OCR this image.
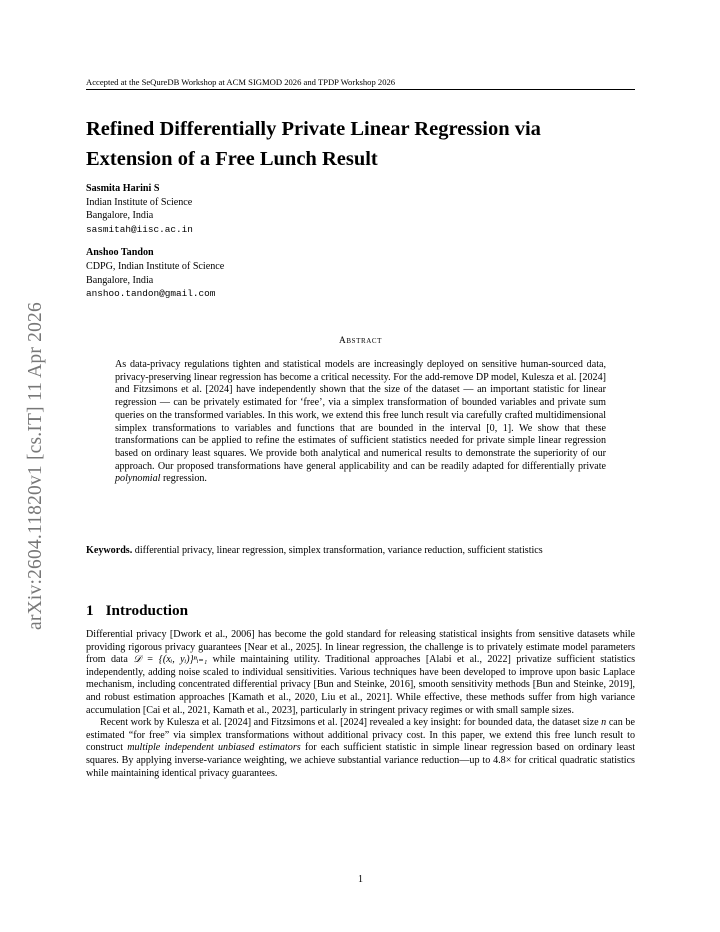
Accepted at the SeQureDB Workshop at ACM SIGMOD 2026 and TPDP Workshop 2026
arXiv:2604.11820v1 [cs.IT] 11 Apr 2026
Refined Differentially Private Linear Regression via
Extension of a Free Lunch Result
Sasmita Harini S
Indian Institute of Science
Bangalore, India
sasmitah@iisc.ac.in
Anshoo Tandon
CDPG, Indian Institute of Science
Bangalore, India
anshoo.tandon@gmail.com
Abstract
As data-privacy regulations tighten and statistical models are increasingly deployed on sensitive human-sourced data, privacy-preserving linear regression has become a critical necessity. For the add-remove DP model, Kulesza et al. [2024] and Fitzsimons et al. [2024] have independently shown that the size of the dataset — an important statistic for linear regression — can be privately estimated for ‘free’, via a simplex transformation of bounded variables and private sum queries on the transformed variables. In this work, we extend this free lunch result via carefully crafted multidimensional simplex transformations to variables and functions that are bounded in the interval [0, 1]. We show that these transformations can be applied to refine the estimates of sufficient statistics needed for private simple linear regression based on ordinary least squares. We provide both analytical and numerical results to demonstrate the superiority of our approach. Our proposed transformations have general applicability and can be readily adapted for differentially private polynomial regression.
Keywords. differential privacy, linear regression, simplex transformation, variance reduction, sufficient statistics
1 Introduction

Differential privacy [Dwork et al., 2006] has become the gold standard for releasing statistical insights from sensitive datasets while providing rigorous privacy guarantees [Near et al., 2025]. In linear regression, the challenge is to privately estimate model parameters from data 𝒟 = {(xᵢ, yᵢ)}ⁿᵢ₌₁ while maintaining utility. Traditional approaches [Alabi et al., 2022] privatize sufficient statistics independently, adding noise scaled to individual sensitivities. Various techniques have been developed to improve upon basic Laplace mechanism, including concentrated differential privacy [Bun and Steinke, 2016], smooth sensitivity methods [Bun and Steinke, 2019], and robust estimation approaches [Kamath et al., 2020, Liu et al., 2021]. While effective, these methods suffer from high variance accumulation [Cai et al., 2021, Kamath et al., 2023], particularly in stringent privacy regimes or with small sample sizes.

Recent work by Kulesza et al. [2024] and Fitzsimons et al. [2024] revealed a key insight: for bounded data, the dataset size n can be estimated “for free” via simplex transformations without additional privacy cost. In this paper, we extend this free lunch result to construct multiple independent unbiased estimators for each sufficient statistic in simple linear regression based on ordinary least squares. By applying inverse-variance weighting, we achieve substantial variance reduction—up to 4.8× for critical quadratic statistics while maintaining identical privacy guarantees.

1
